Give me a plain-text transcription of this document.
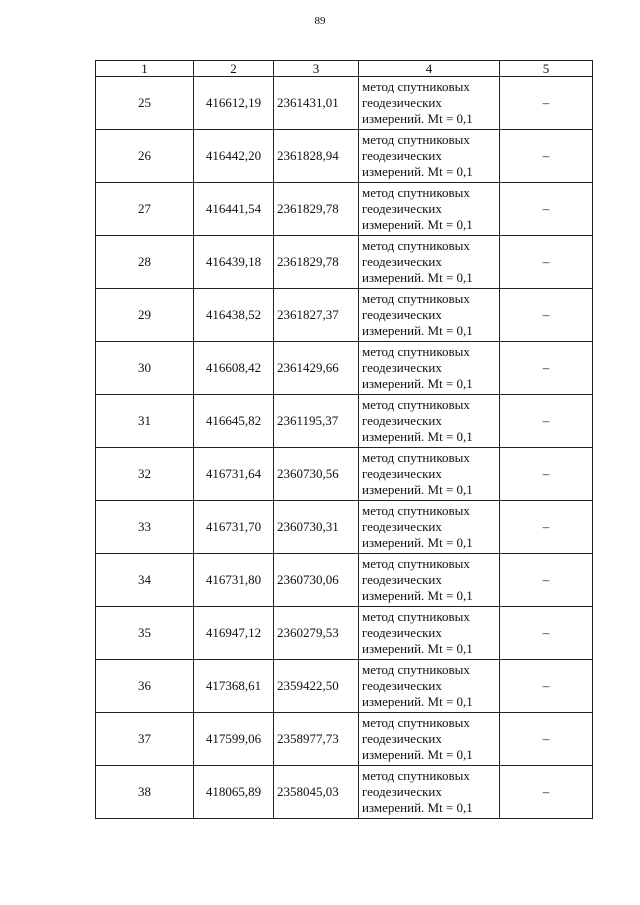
89
1	2	3	4	5
25	416612,19	2361431,01	метод спутниковых
геодезических
измерений. Mt = 0,1	–
26	416442,20	2361828,94	метод спутниковых
геодезических
измерений. Mt = 0,1	–
27	416441,54	2361829,78	метод спутниковых
геодезических
измерений. Mt = 0,1	–
28	416439,18	2361829,78	метод спутниковых
геодезических
измерений. Mt = 0,1	–
29	416438,52	2361827,37	метод спутниковых
геодезических
измерений. Mt = 0,1	–
30	416608,42	2361429,66	метод спутниковых
геодезических
измерений. Mt = 0,1	–
31	416645,82	2361195,37	метод спутниковых
геодезических
измерений. Mt = 0,1	–
32	416731,64	2360730,56	метод спутниковых
геодезических
измерений. Mt = 0,1	–
33	416731,70	2360730,31	метод спутниковых
геодезических
измерений. Mt = 0,1	–
34	416731,80	2360730,06	метод спутниковых
геодезических
измерений. Mt = 0,1	–
35	416947,12	2360279,53	метод спутниковых
геодезических
измерений. Mt = 0,1	–
36	417368,61	2359422,50	метод спутниковых
геодезических
измерений. Mt = 0,1	–
37	417599,06	2358977,73	метод спутниковых
геодезических
измерений. Mt = 0,1	–
38	418065,89	2358045,03	метод спутниковых
геодезических
измерений. Mt = 0,1	–
